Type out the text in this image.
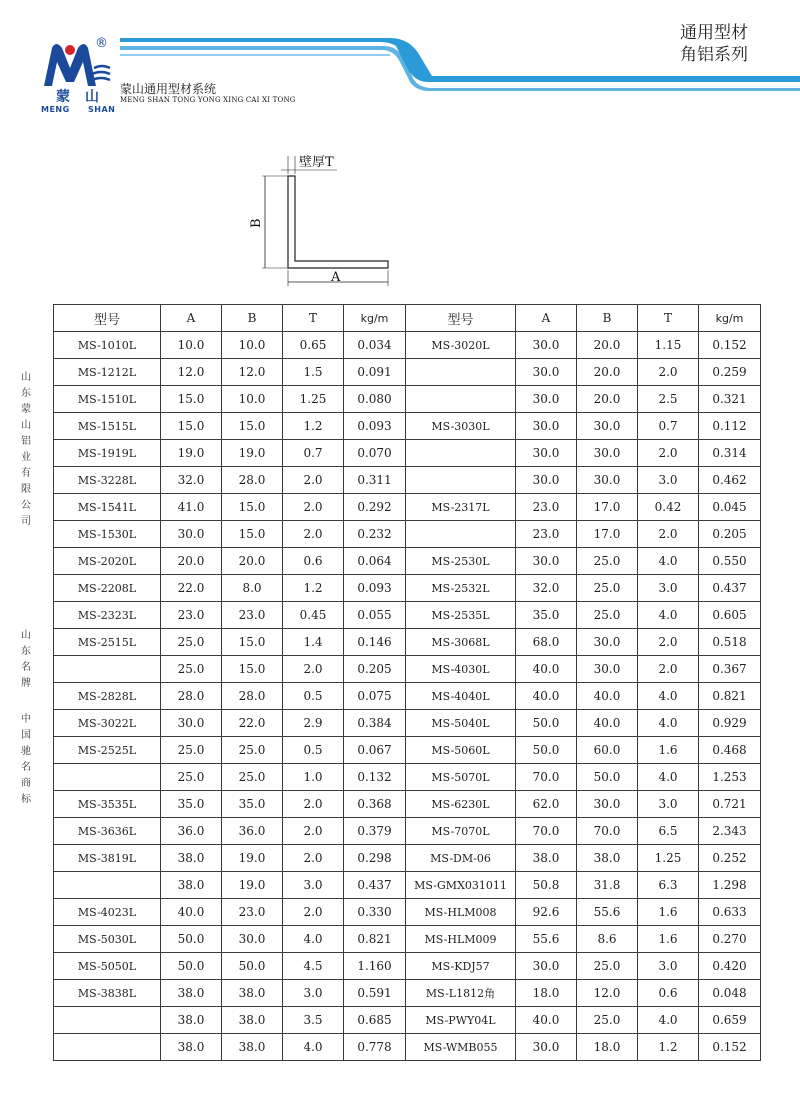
®
蒙 山
MENG SHAN
蒙山通用型材系统
MENG SHAN TONG YONG XING CAI XI TONG
通用型材
角铝系列
壁厚T
B
A
山
东
蒙
山
铝
业
有
限
公
司
山
东
名
牌
中
国
驰
名
商
标
型号	A	B	T	kg/m	型号	A	B	T	kg/m
MS-1010L	10.0	10.0	0.65	0.034	MS-3020L	30.0	20.0	1.15	0.152
MS-1212L	12.0	12.0	1.5	0.091		30.0	20.0	2.0	0.259
MS-1510L	15.0	10.0	1.25	0.080		30.0	20.0	2.5	0.321
MS-1515L	15.0	15.0	1.2	0.093	MS-3030L	30.0	30.0	0.7	0.112
MS-1919L	19.0	19.0	0.7	0.070		30.0	30.0	2.0	0.314
MS-3228L	32.0	28.0	2.0	0.311		30.0	30.0	3.0	0.462
MS-1541L	41.0	15.0	2.0	0.292	MS-2317L	23.0	17.0	0.42	0.045
MS-1530L	30.0	15.0	2.0	0.232		23.0	17.0	2.0	0.205
MS-2020L	20.0	20.0	0.6	0.064	MS-2530L	30.0	25.0	4.0	0.550
MS-2208L	22.0	8.0	1.2	0.093	MS-2532L	32.0	25.0	3.0	0.437
MS-2323L	23.0	23.0	0.45	0.055	MS-2535L	35.0	25.0	4.0	0.605
MS-2515L	25.0	15.0	1.4	0.146	MS-3068L	68.0	30.0	2.0	0.518
	25.0	15.0	2.0	0.205	MS-4030L	40.0	30.0	2.0	0.367
MS-2828L	28.0	28.0	0.5	0.075	MS-4040L	40.0	40.0	4.0	0.821
MS-3022L	30.0	22.0	2.9	0.384	MS-5040L	50.0	40.0	4.0	0.929
MS-2525L	25.0	25.0	0.5	0.067	MS-5060L	50.0	60.0	1.6	0.468
	25.0	25.0	1.0	0.132	MS-5070L	70.0	50.0	4.0	1.253
MS-3535L	35.0	35.0	2.0	0.368	MS-6230L	62.0	30.0	3.0	0.721
MS-3636L	36.0	36.0	2.0	0.379	MS-7070L	70.0	70.0	6.5	2.343
MS-3819L	38.0	19.0	2.0	0.298	MS-DM-06	38.0	38.0	1.25	0.252
	38.0	19.0	3.0	0.437	MS-GMX031011	50.8	31.8	6.3	1.298
MS-4023L	40.0	23.0	2.0	0.330	MS-HLM008	92.6	55.6	1.6	0.633
MS-5030L	50.0	30.0	4.0	0.821	MS-HLM009	55.6	8.6	1.6	0.270
MS-5050L	50.0	50.0	4.5	1.160	MS-KDJ57	30.0	25.0	3.0	0.420
MS-3838L	38.0	38.0	3.0	0.591	MS-L1812角	18.0	12.0	0.6	0.048
	38.0	38.0	3.5	0.685	MS-PWY04L	40.0	25.0	4.0	0.659
	38.0	38.0	4.0	0.778	MS-WMB055	30.0	18.0	1.2	0.152
